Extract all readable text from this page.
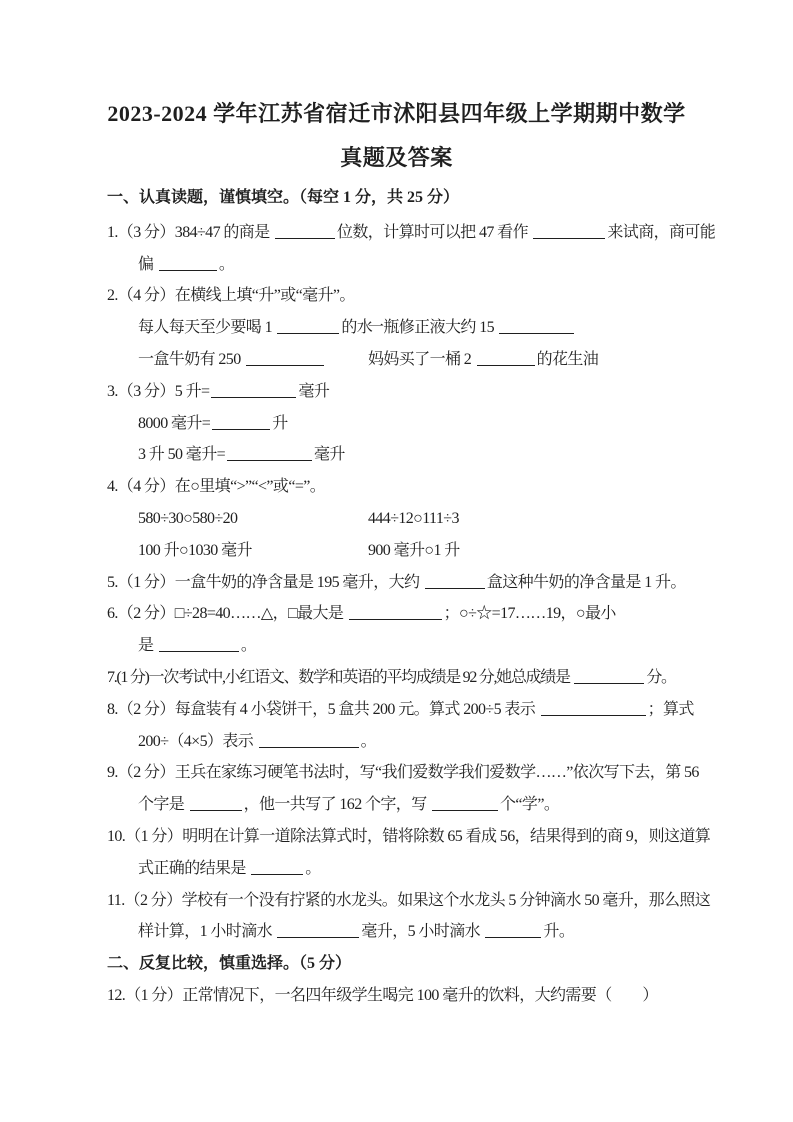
2023-2024 学年江苏省宿迁市沭阳县四年级上学期期中数学
真题及答案
一、认真读题，谨慎填空。（每空 1 分，共 25 分）
1.（3 分）384÷47 的商是	位数，计算时可以把 47 看作	来试商，商可能
偏	。
2.（4 分）在横线上填“升”或“毫升”。
每人每天至少要喝 1	的水
一瓶修正液大约 15
一盒牛奶有 250	妈妈买了一桶 2	的花生油
3.（3 分）5 升=	毫升
8000 毫升=	升
3 升 50 毫升=	毫升
4.（4 分）在○里填“>”“<”或“=”。
580÷30○580÷20	444÷12○111÷3
100 升○1030 毫升	900 毫升○1 升
5.（1 分）一盒牛奶的净含量是 195 毫升，大约	盒这种牛奶的净含量是 1 升。
6.（2 分）□÷28=40……△，□最大是	；○÷☆=17……19，○最小
是	。
7.(1 分)一次考试中,小红语文、数学和英语的平均成绩是 92 分,她总成绩是	分。
8.（2 分）每盒装有 4 小袋饼干，5 盒共 200 元。算式 200÷5 表示	；算式
200÷（4×5）表示	。
9.（2 分）王兵在家练习硬笔书法时，写“我们爱数学我们爱数学……”依次写下去，第 56
个字是	，他一共写了 162 个字，写	个“学”。
10.（1 分）明明在计算一道除法算式时，错将除数 65 看成 56，结果得到的商 9，则这道算
式正确的结果是	。
11.（2 分）学校有一个没有拧紧的水龙头。如果这个水龙头 5 分钟滴水 50 毫升，那么照这
样计算，1 小时滴水	毫升，5 小时滴水	升。
二、反复比较，慎重选择。（5 分）
12.（1 分）正常情况下，一名四年级学生喝完 100 毫升的饮料，大约需要（　　）
